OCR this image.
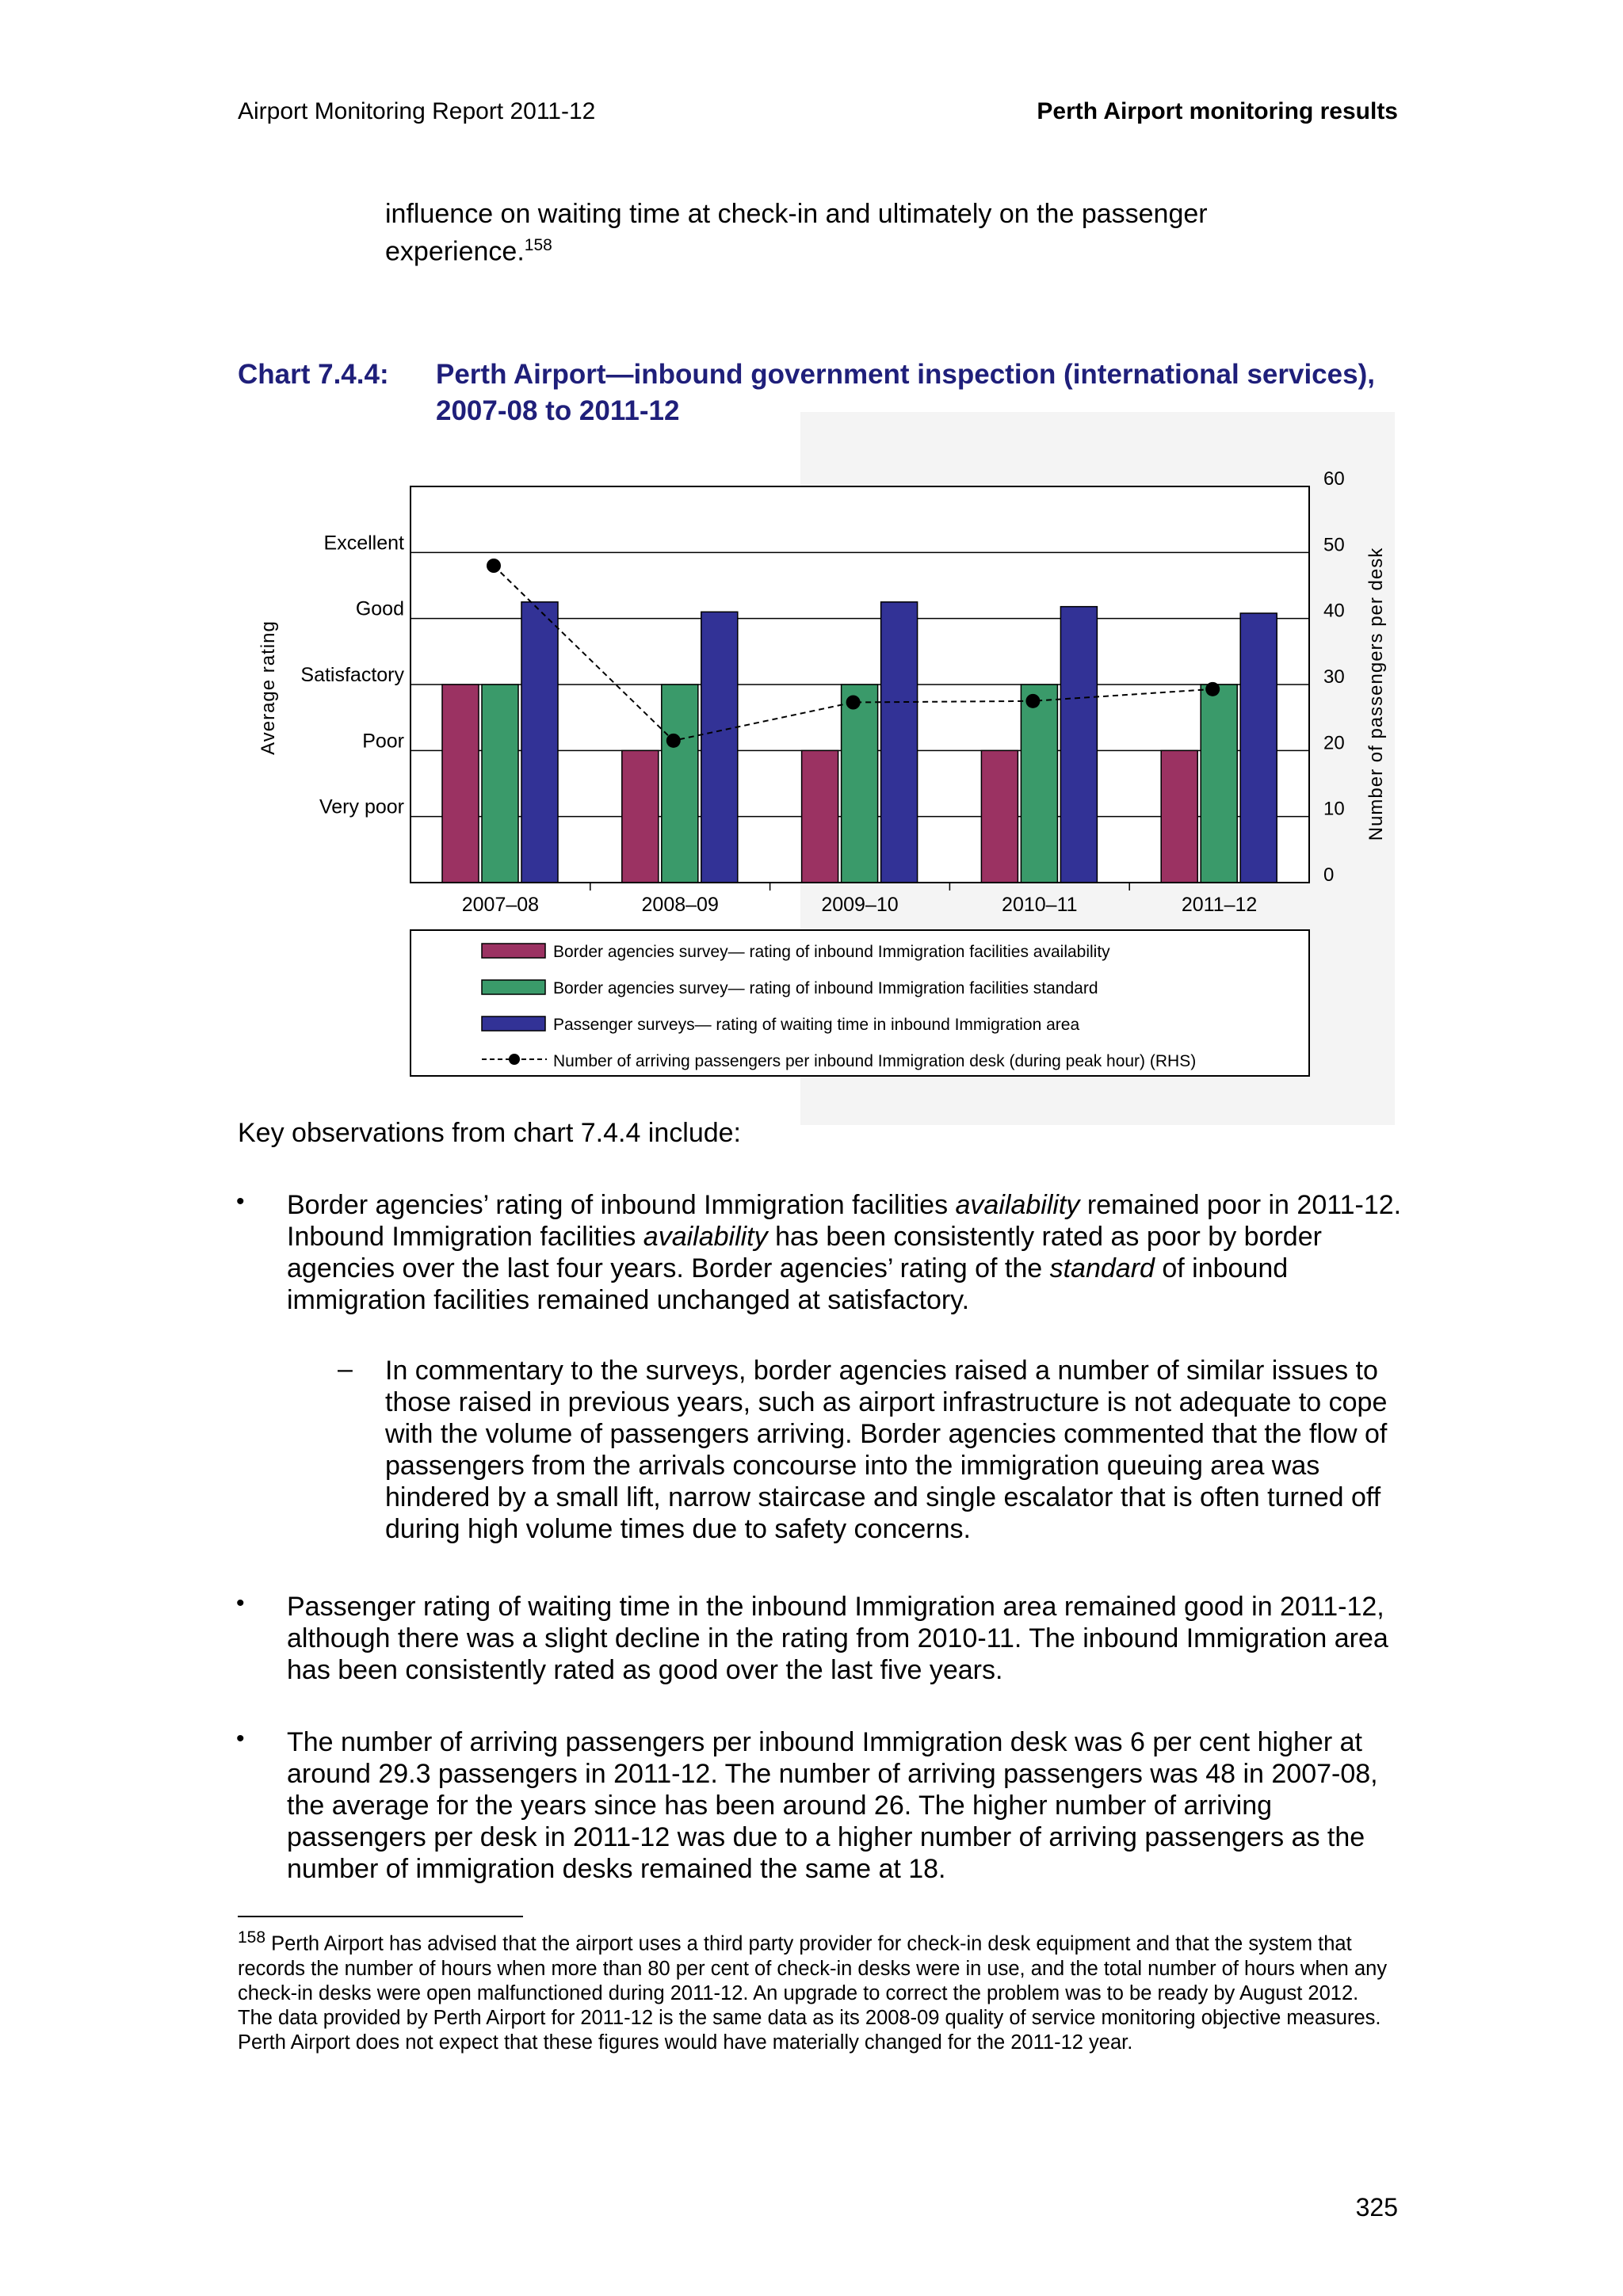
Airport Monitoring Report 2011-12	Perth Airport monitoring results
influence on waiting time at check-in and ultimately on the passenger experience.$^{158}$
Chart 7.4.4: Perth Airport—inbound government inspection (international services),
2007-08 to 2011-12
Very poor
Poor
Satisfactory
Good
Excellent
0
10
20
30
40
50
60
2007–08	2008–09	2009–10	2010–11	2011–12
Average rating	Number of passengers per desk
Border agencies survey— rating of inbound Immigration facilities availability
Border agencies survey— rating of inbound Immigration facilities standard
Passenger surveys— rating of waiting time in inbound Immigration area
Number of arriving passengers per inbound Immigration desk (during peak hour) (RHS)
Key observations from chart 7.4.4 include:
• Border agencies’ rating of inbound Immigration facilities availability remained poor in 2011-12. Inbound Immigration facilities availability has been consistently rated as poor by border agencies over the last four years. Border agencies’ rating of the standard of inbound immigration facilities remained unchanged at satisfactory.
– In commentary to the surveys, border agencies raised a number of similar issues to those raised in previous years, such as airport infrastructure is not adequate to cope with the volume of passengers arriving. Border agencies commented that the flow of passengers from the arrivals concourse into the immigration queuing area was hindered by a small lift, narrow staircase and single escalator that is often turned off during high volume times due to safety concerns.
• Passenger rating of waiting time in the inbound Immigration area remained good in 2011-12, although there was a slight decline in the rating from 2010-11. The inbound Immigration area has been consistently rated as good over the last five years.
• The number of arriving passengers per inbound Immigration desk was 6 per cent higher at around 29.3 passengers in 2011-12. The number of arriving passengers was 48 in 2007-08, the average for the years since has been around 26. The higher number of arriving passengers per desk in 2011-12 was due to a higher number of arriving passengers as the number of immigration desks remained the same at 18.
$^{158}$ Perth Airport has advised that the airport uses a third party provider for check-in desk equipment and that the system that records the number of hours when more than 80 per cent of check-in desks were in use, and the total number of hours when any check-in desks were open malfunctioned during 2011-12. An upgrade to correct the problem was to be ready by August 2012. The data provided by Perth Airport for 2011-12 is the same data as its 2008-09 quality of service monitoring objective measures. Perth Airport does not expect that these figures would have materially changed for the 2011-12 year.
325
